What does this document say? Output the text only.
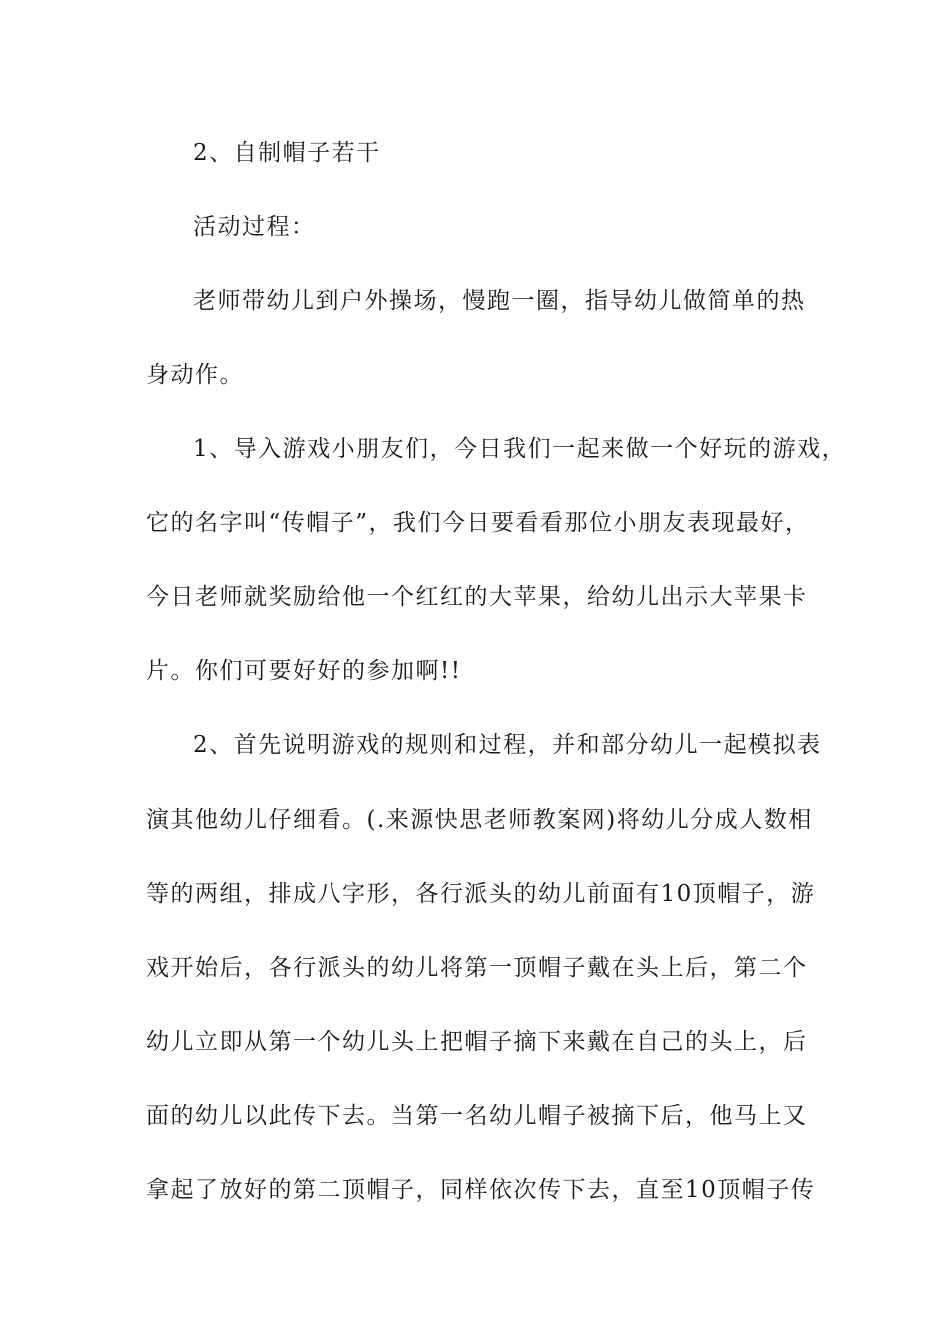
2、自制帽子若干
活动过程：
老师带幼儿到户外操场，慢跑一圈，指导幼儿做简单的热
身动作。
1、导入游戏小朋友们，今日我们一起来做一个好玩的游戏，
它的名字叫“传帽子”，我们今日要看看那位小朋友表现最好，
今日老师就奖励给他一个红红的大苹果，给幼儿出示大苹果卡
片。你们可要好好的参加啊!!
2、首先说明游戏的规则和过程，并和部分幼儿一起模拟表
演其他幼儿仔细看。(.来源快思老师教案网)将幼儿分成人数相
等的两组，排成八字形，各行派头的幼儿前面有10顶帽子，游
戏开始后，各行派头的幼儿将第一顶帽子戴在头上后，第二个
幼儿立即从第一个幼儿头上把帽子摘下来戴在自己的头上，后
面的幼儿以此传下去。当第一名幼儿帽子被摘下后，他马上又
拿起了放好的第二顶帽子，同样依次传下去，直至10顶帽子传
